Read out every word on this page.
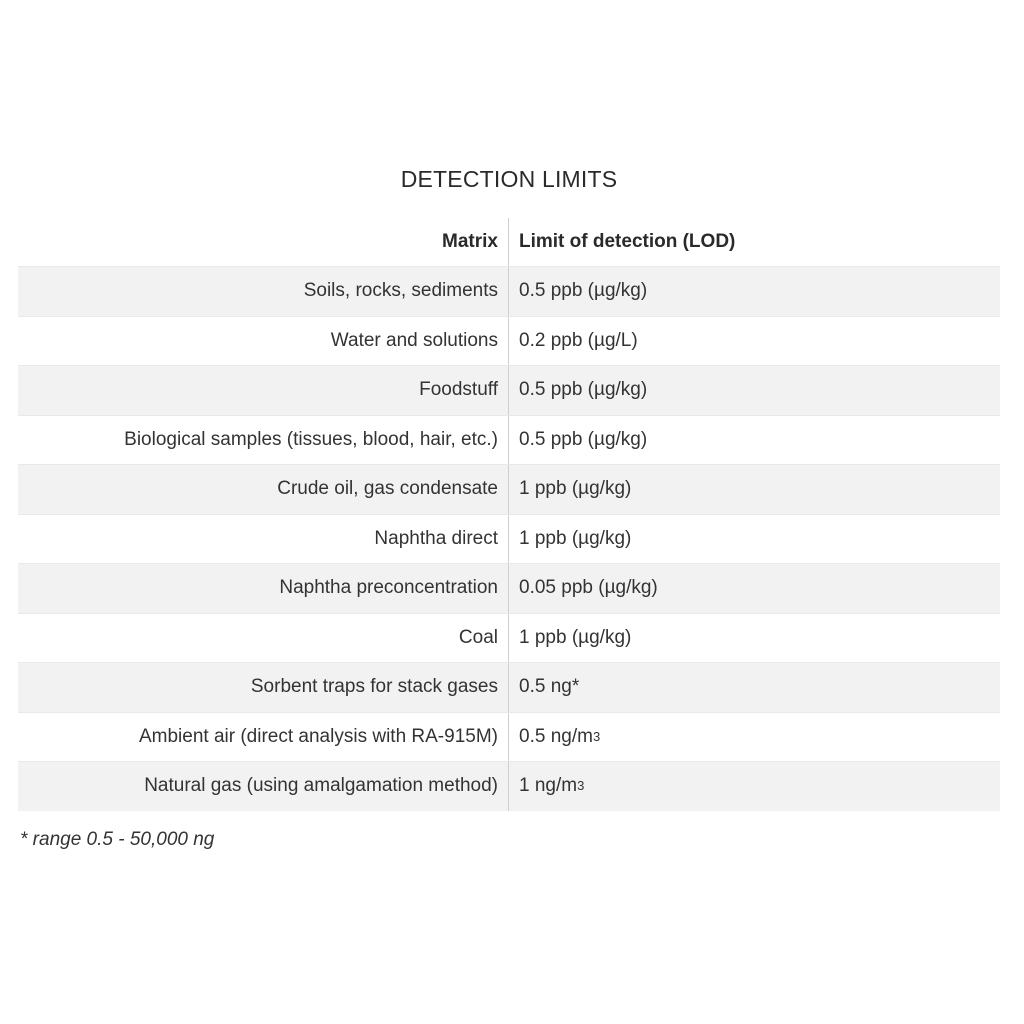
DETECTION LIMITS
Matrix	Limit of detection (LOD)
Soils, rocks, sediments	0.5 ppb (µg/kg)
Water and solutions	0.2 ppb (µg/L)
Foodstuff	0.5 ppb (µg/kg)
Biological samples (tissues, blood, hair, etc.)	0.5 ppb (µg/kg)
Crude oil, gas condensate	1 ppb (µg/kg)
Naphtha direct	1 ppb (µg/kg)
Naphtha preconcentration	0.05 ppb (µg/kg)
Coal	1 ppb (µg/kg)
Sorbent traps for stack gases	0.5 ng*
Ambient air (direct analysis with RA-915M)	0.5 ng/m 3
Natural gas (using amalgamation method)	1 ng/m 3
* range 0.5 - 50,000 ng
